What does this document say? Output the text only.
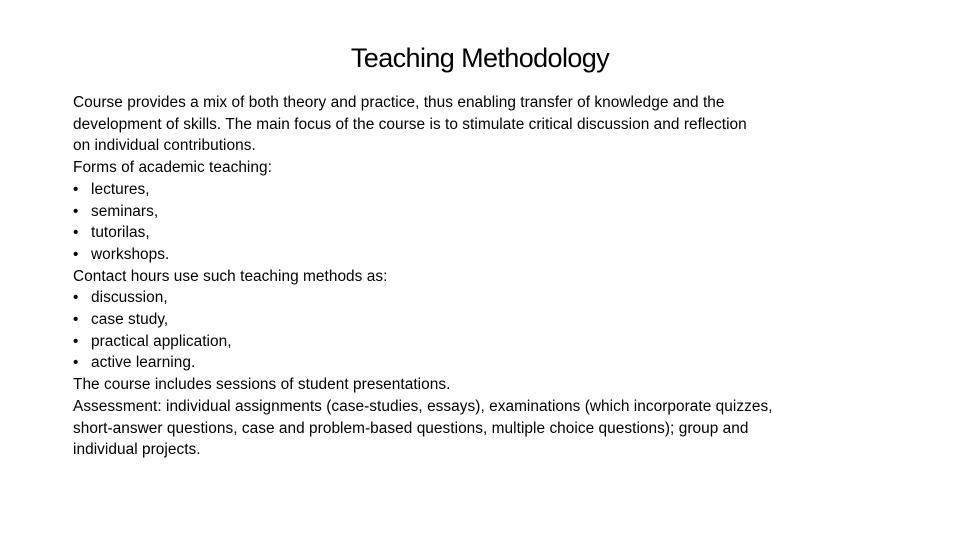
Teaching Methodology
Course provides a mix of both theory and practice, thus enabling transfer of knowledge and the
development of skills. The main focus of the course is to stimulate critical discussion and reflection
on individual contributions.
Forms of academic teaching:
• lectures,
• seminars,
• tutorilas,
• workshops.
Contact hours use such teaching methods as:
• discussion,
• case study,
• practical application,
• active learning.
The course includes sessions of student presentations.
Assessment: individual assignments (case-studies, essays), examinations (which incorporate quizzes,
short-answer questions, case and problem-based questions, multiple choice questions); group and
individual projects.
